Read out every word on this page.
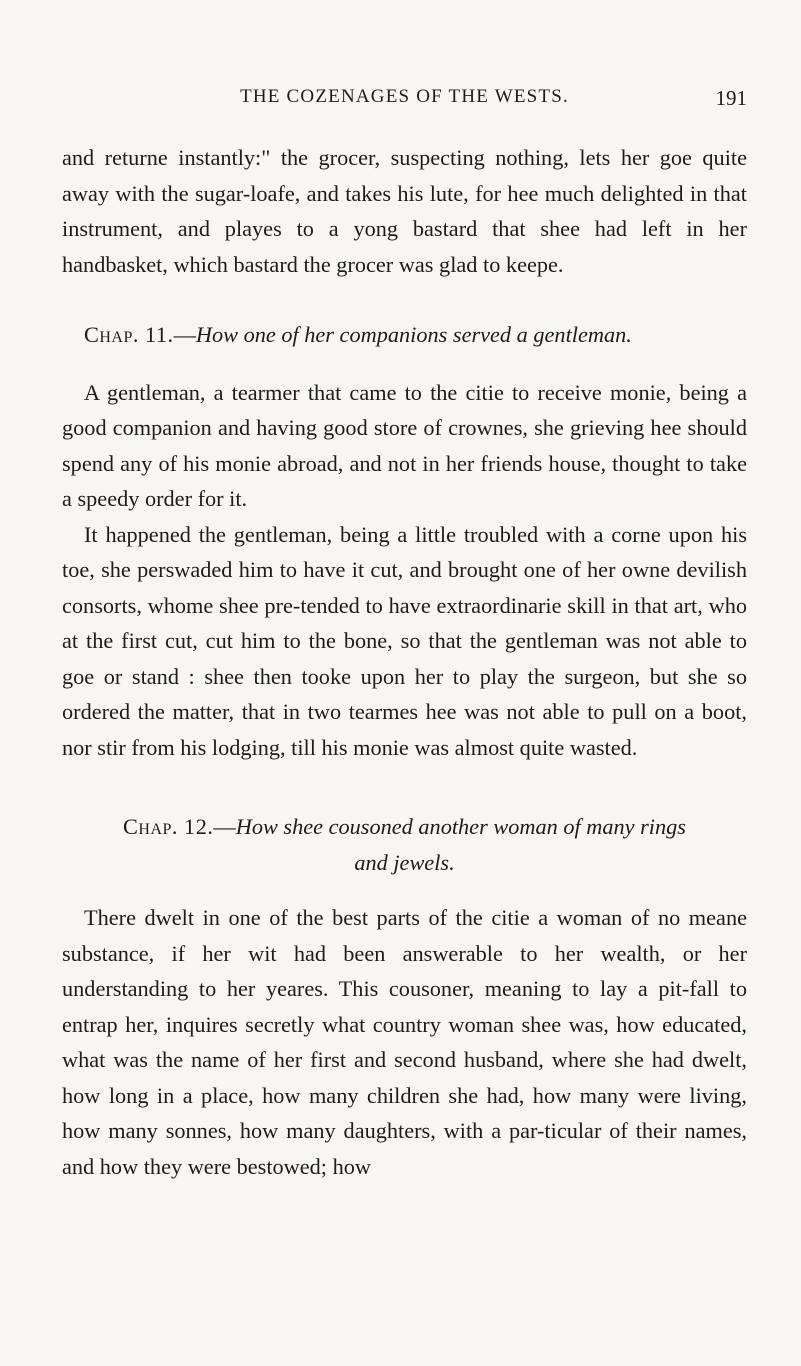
THE COZENAGES OF THE WESTS.	191

and returne instantly:" the grocer, suspecting nothing, lets her goe quite away with the sugar-loafe, and takes his lute, for hee much delighted in that instrument, and playes to a yong bastard that shee had left in her handbasket, which bastard the grocer was glad to keepe.

Chap. 11.—How one of her companions served a gentleman.

A gentleman, a tearmer that came to the citie to receive monie, being a good companion and having good store of crownes, she grieving hee should spend any of his monie abroad, and not in her friends house, thought to take a speedy order for it.

It happened the gentleman, being a little troubled with a corne upon his toe, she perswaded him to have it cut, and brought one of her owne devilish consorts, whome shee pre-tended to have extraordinarie skill in that art, who at the first cut, cut him to the bone, so that the gentleman was not able to goe or stand : shee then tooke upon her to play the surgeon, but she so ordered the matter, that in two tearmes hee was not able to pull on a boot, nor stir from his lodging, till his monie was almost quite wasted.

Chap. 12.—How shee cousoned another woman of many rings and jewels.

There dwelt in one of the best parts of the citie a woman of no meane substance, if her wit had been answerable to her wealth, or her understanding to her yeares. This cousoner, meaning to lay a pit-fall to entrap her, inquires secretly what country woman shee was, how educated, what was the name of her first and second husband, where she had dwelt, how long in a place, how many children she had, how many were living, how many sonnes, how many daughters, with a par-ticular of their names, and how they were bestowed; how
